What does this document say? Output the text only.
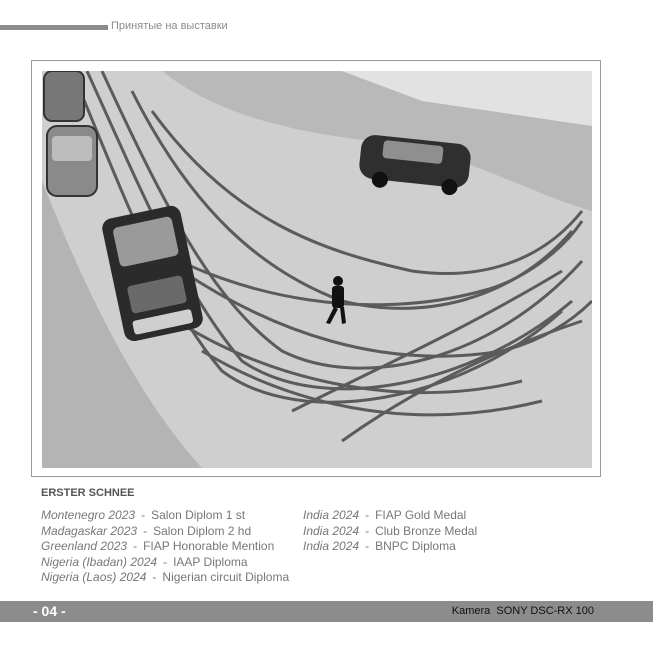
Принятые на выставки
ERSTER SCHNEE
Montenegro 2023 - Salon Diplom 1 st
Madagaskar 2023 - Salon Diplom 2 hd
Greenland 2023 - FIAP Honorable Mention
Nigeria (Ibadan) 2024 - IAAP Diploma
Nigeria (Laos) 2024 - Nigerian circuit Diploma
India 2024 - FIAP Gold Medal
India 2024 - Club Bronze Medal
India 2024 - BNPC Diploma
- 04 -	Kamera  SONY DSC-RX 100
